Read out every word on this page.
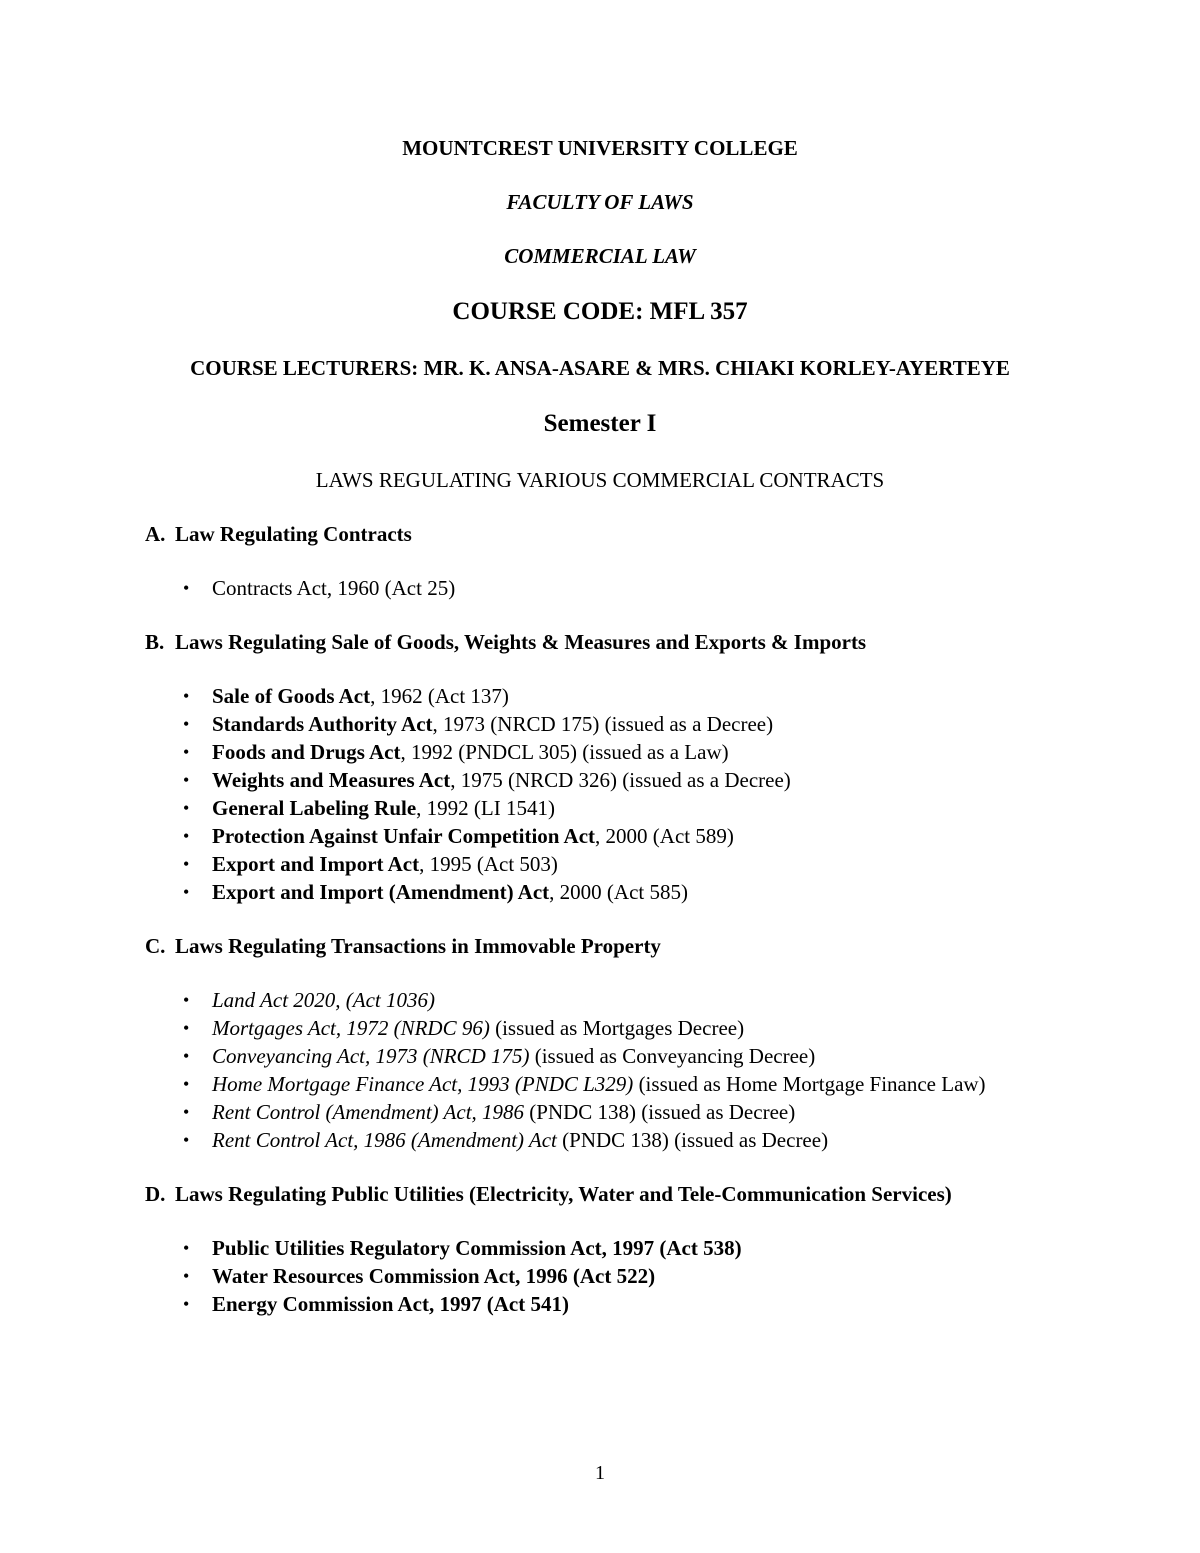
MOUNTCREST UNIVERSITY COLLEGE

FACULTY OF LAWS

COMMERCIAL LAW

COURSE CODE: MFL 357

COURSE LECTURERS: MR. K. ANSA-ASARE & MRS. CHIAKI KORLEY-AYERTEYE

Semester I

LAWS REGULATING VARIOUS COMMERCIAL CONTRACTS

A. Law Regulating Contracts

• Contracts Act, 1960 (Act 25)

B. Laws Regulating Sale of Goods, Weights & Measures and Exports & Imports

• Sale of Goods Act, 1962 (Act 137)
• Standards Authority Act, 1973 (NRCD 175) (issued as a Decree)
• Foods and Drugs Act, 1992 (PNDCL 305) (issued as a Law)
• Weights and Measures Act, 1975 (NRCD 326) (issued as a Decree)
• General Labeling Rule, 1992 (LI 1541)
• Protection Against Unfair Competition Act, 2000 (Act 589)
• Export and Import Act, 1995 (Act 503)
• Export and Import (Amendment) Act, 2000 (Act 585)

C. Laws Regulating Transactions in Immovable Property

• Land Act 2020, (Act 1036)
• Mortgages Act, 1972 (NRDC 96) (issued as Mortgages Decree)
• Conveyancing Act, 1973 (NRCD 175) (issued as Conveyancing Decree)
• Home Mortgage Finance Act, 1993 (PNDC L329) (issued as Home Mortgage Finance Law)
• Rent Control (Amendment) Act, 1986 (PNDC 138) (issued as Decree)
• Rent Control Act, 1986 (Amendment) Act (PNDC 138) (issued as Decree)

D. Laws Regulating Public Utilities (Electricity, Water and Tele-Communication Services)

• Public Utilities Regulatory Commission Act, 1997 (Act 538)
• Water Resources Commission Act, 1996 (Act 522)
• Energy Commission Act, 1997 (Act 541)
1
